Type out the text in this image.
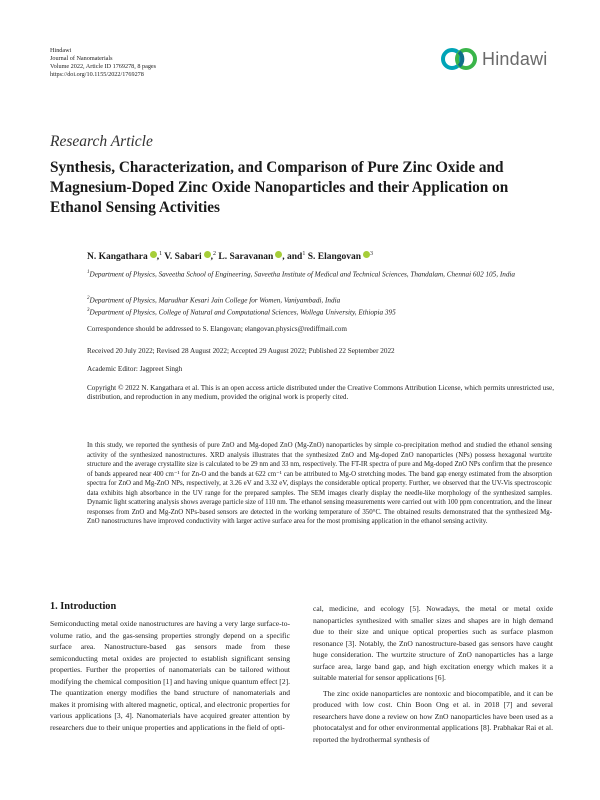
Hindawi
Journal of Nanomaterials
Volume 2022, Article ID 1769278, 8 pages
https://doi.org/10.1155/2022/1769278
Hindawi
Research Article
Synthesis, Characterization, and Comparison of Pure Zinc Oxide and Magnesium-Doped Zinc Oxide Nanoparticles and their Application on Ethanol Sensing Activities
N. Kangathara ,$^1$ V. Sabari ,$^2$ L. Saravanan , and$^1$ S. Elangovan $^3$
$^1$Department of Physics, Saveetha School of Engineering, Saveetha Institute of Medical and Technical Sciences, Thandalam, Chennai 602 105, India
$^2$Department of Physics, Marudhar Kesari Jain College for Women, Vaniyambadi, India
$^3$Department of Physics, College of Natural and Computational Sciences, Wollega University, Ethiopia 395
Correspondence should be addressed to S. Elangovan; elangovan.physics@rediffmail.com
Received 20 July 2022; Revised 28 August 2022; Accepted 29 August 2022; Published 22 September 2022
Academic Editor: Jagpreet Singh
Copyright © 2022 N. Kangathara et al. This is an open access article distributed under the Creative Commons Attribution License, which permits unrestricted use, distribution, and reproduction in any medium, provided the original work is properly cited.
In this study, we reported the synthesis of pure ZnO and Mg-doped ZnO (Mg-ZnO) nanoparticles by simple co-precipitation method and studied the ethanol sensing activity of the synthesized nanostructures. XRD analysis illustrates that the synthesized ZnO and Mg-doped ZnO nanoparticles (NPs) possess hexagonal wurtzite structure and the average crystallite size is calculated to be 29 nm and 33 nm, respectively. The FT-IR spectra of pure and Mg-doped ZnO NPs confirm that the presence of bands appeared near 400 cm⁻¹ for Zn-O and the bands at 622 cm⁻¹ can be attributed to Mg-O stretching modes. The band gap energy estimated from the absorption spectra for ZnO and Mg-ZnO NPs, respectively, at 3.26 eV and 3.32 eV, displays the considerable optical property. Further, we observed that the UV-Vis spectroscopic data exhibits high absorbance in the UV range for the prepared samples. The SEM images clearly display the needle-like morphology of the synthesized samples. Dynamic light scattering analysis shows average particle size of 110 nm. The ethanol sensing measurements were carried out with 100 ppm concentration, and the linear responses from ZnO and Mg-ZnO NPs-based sensors are detected in the working temperature of 350°C. The obtained results demonstrated that the synthesized Mg-ZnO nanostructures have improved conductivity with larger active surface area for the most promising application in the ethanol sensing activity.
1. Introduction

Semiconducting metal oxide nanostructures are having a very large surface-to-volume ratio, and the gas-sensing properties strongly depend on a specific surface area. Nanostructure-based gas sensors made from these semiconducting metal oxides are projected to establish significant sensing properties. Further the properties of nanomaterials can be tailored without modifying the chemical composition [1] and having unique quantum effect [2]. The quantization energy modifies the band structure of nanomaterials and makes it promising with altered magnetic, optical, and electronic properties for various applications [3, 4]. Nanomaterials have acquired greater attention by researchers due to their unique properties and applications in the field of opti-

cal, medicine, and ecology [5]. Nowadays, the metal or metal oxide nanoparticles synthesized with smaller sizes and shapes are in high demand due to their size and unique optical properties such as surface plasmon resonance [3]. Notably, the ZnO nanostructure-based gas sensors have caught huge consideration. The wurtzite structure of ZnO nanoparticles has a large surface area, large band gap, and high excitation energy which makes it a suitable material for sensor applications [6].

The zinc oxide nanoparticles are nontoxic and biocompatible, and it can be produced with low cost. Chin Boon Ong et al. in 2018 [7] and several researchers have done a review on how ZnO nanoparticles have been used as a photocatalyst and for other environmental applications [8]. Prabhakar Rai et al. reported the hydrothermal synthesis of
